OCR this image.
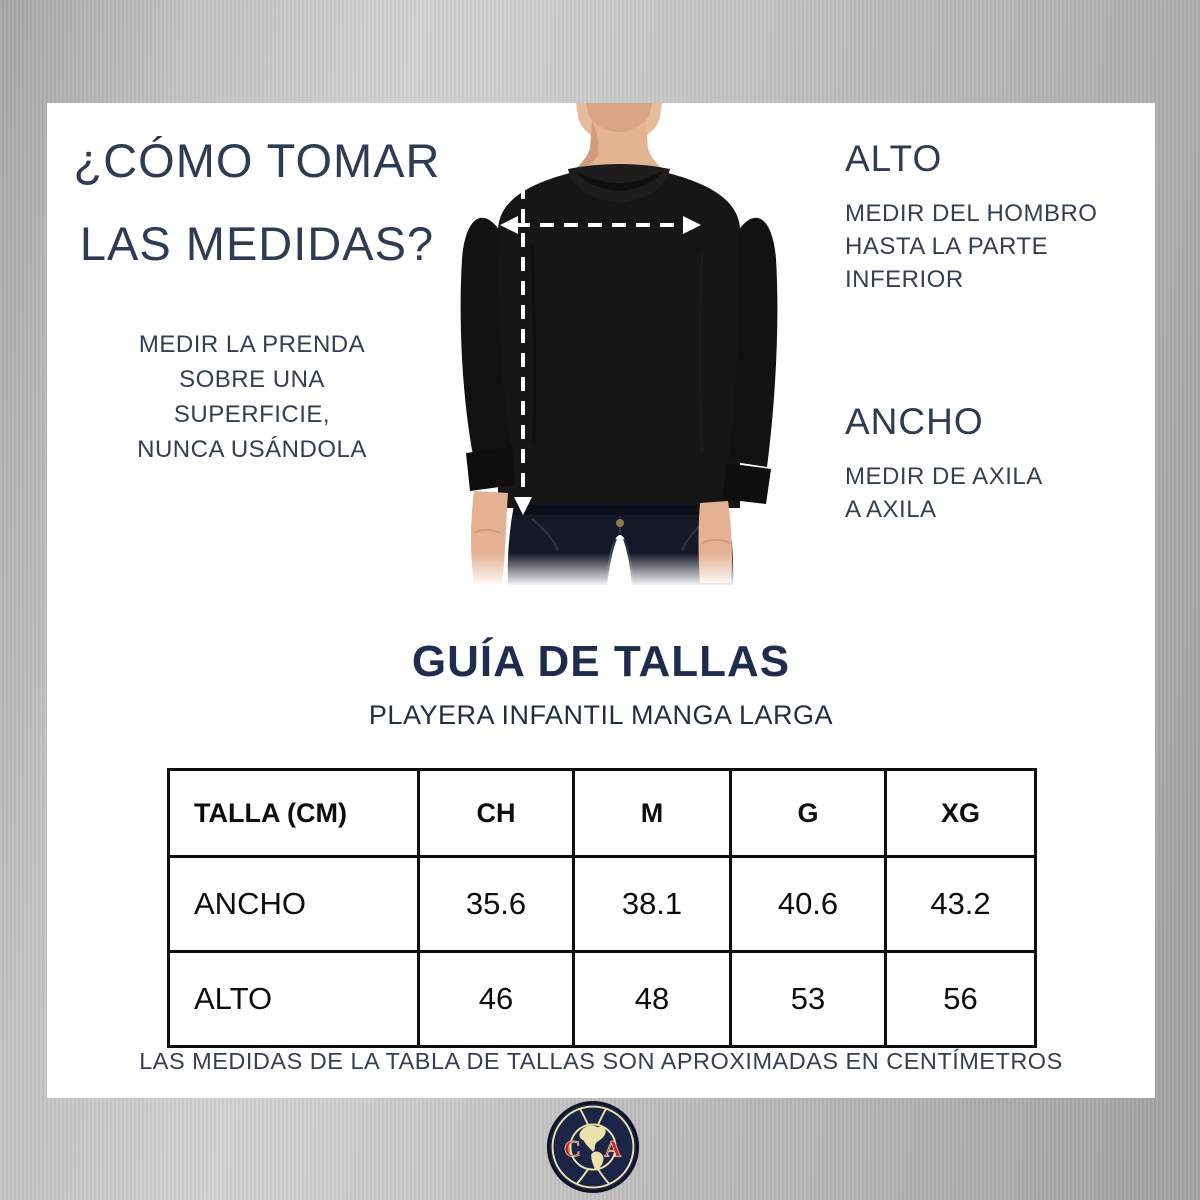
¿CÓMO TOMAR
LAS MEDIDAS?
MEDIR LA PRENDA
SOBRE UNA
SUPERFICIE,
NUNCA USÁNDOLA
ALTO
MEDIR DEL HOMBRO
HASTA LA PARTE
INFERIOR
ANCHO
MEDIR DE AXILA
A AXILA
GUÍA DE TALLAS
PLAYERA INFANTIL MANGA LARGA
TALLA (CM)	CH	M	G	XG
ANCHO	35.6	38.1	40.6	43.2
ALTO	46	48	53	56
LAS MEDIDAS DE LA TABLA DE TALLAS SON APROXIMADAS EN CENTÍMETROS
C A
